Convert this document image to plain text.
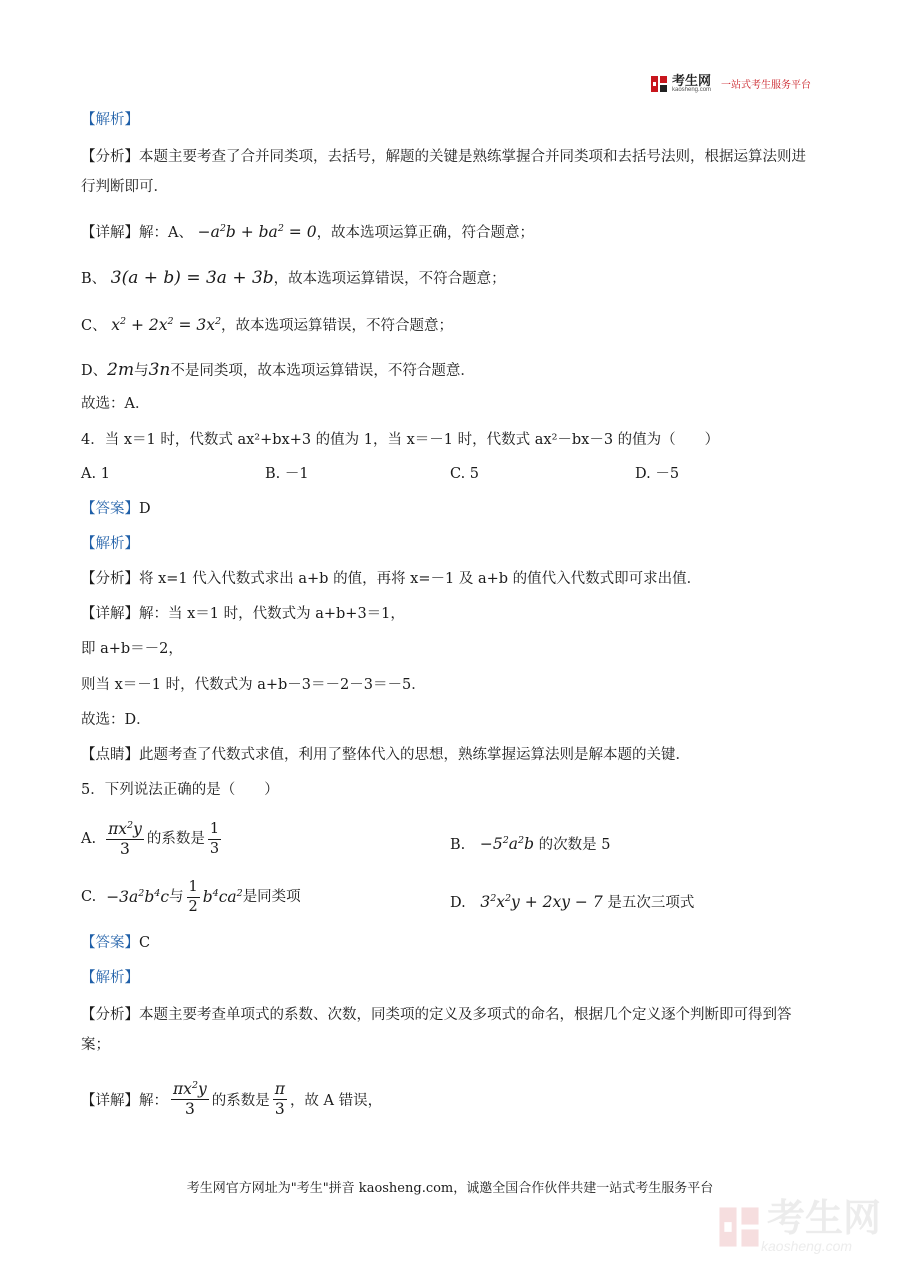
考生网
kaosheng.com 一站式考生服务平台
【解析】
【分析】本题主要考查了合并同类项，去括号，解题的关键是熟练掌握合并同类项和去括号法则，根据运算法则进行判断即可．
【详解】解：A、 $-a^2b + ba^2 = 0$，故本选项运算正确，符合题意；
B、 3(a + b) = 3a + 3b，故本选项运算错误，不符合题意；
C、 $x^2 + 2x^2 = 3x^2$，故本选项运算错误，不符合题意；
D、2m与3n不是同类项，故本选项运算错误，不符合题意．
故选：A．
4．当 x＝1 时，代数式 ax²+bx+3 的值为 1，当 x＝－1 时，代数式 ax²－bx－3 的值为（　　）
A. 1	B. －1	C. 5	D. －5
【答案】D
【解析】
【分析】将 x=1 代入代数式求出 a+b 的值，再将 x=－1 及 a+b 的值代入代数式即可求出值．
【详解】解：当 x＝1 时，代数式为 a+b+3＝1，
即 a+b＝－2，
则当 x＝－1 时，代数式为 a+b－3＝－2－3＝－5．
故选：D．
【点睛】此题考查了代数式求值，利用了整体代入的思想，熟练掌握运算法则是解本题的关键．
5．下列说法正确的是（　　）
A. $\frac{\pi x^2y}{3}$ 的系数是 $\frac{1}{3}$	B. $-5^2a^2b$ 的次数是 5
C. $-3a^2b^4c$ 与 $\frac{1}{2} b^4ca^2$ 是同类项	D. $3^2x^2y + 2xy - 7$ 是五次三项式
【答案】C
【解析】
【分析】本题主要考查单项式的系数、次数，同类项的定义及多项式的命名，根据几个定义逐个判断即可得到答案；
【详解】 解： $\frac{\pi x^2y}{3}$ 的系数是 $\frac{\pi}{3}$ ，故 A 错误，
考生网官方网址为"考生"拼音 kaosheng.com，诚邀全国合作伙伴共建一站式考生服务平台
考生网
kaosheng.com
